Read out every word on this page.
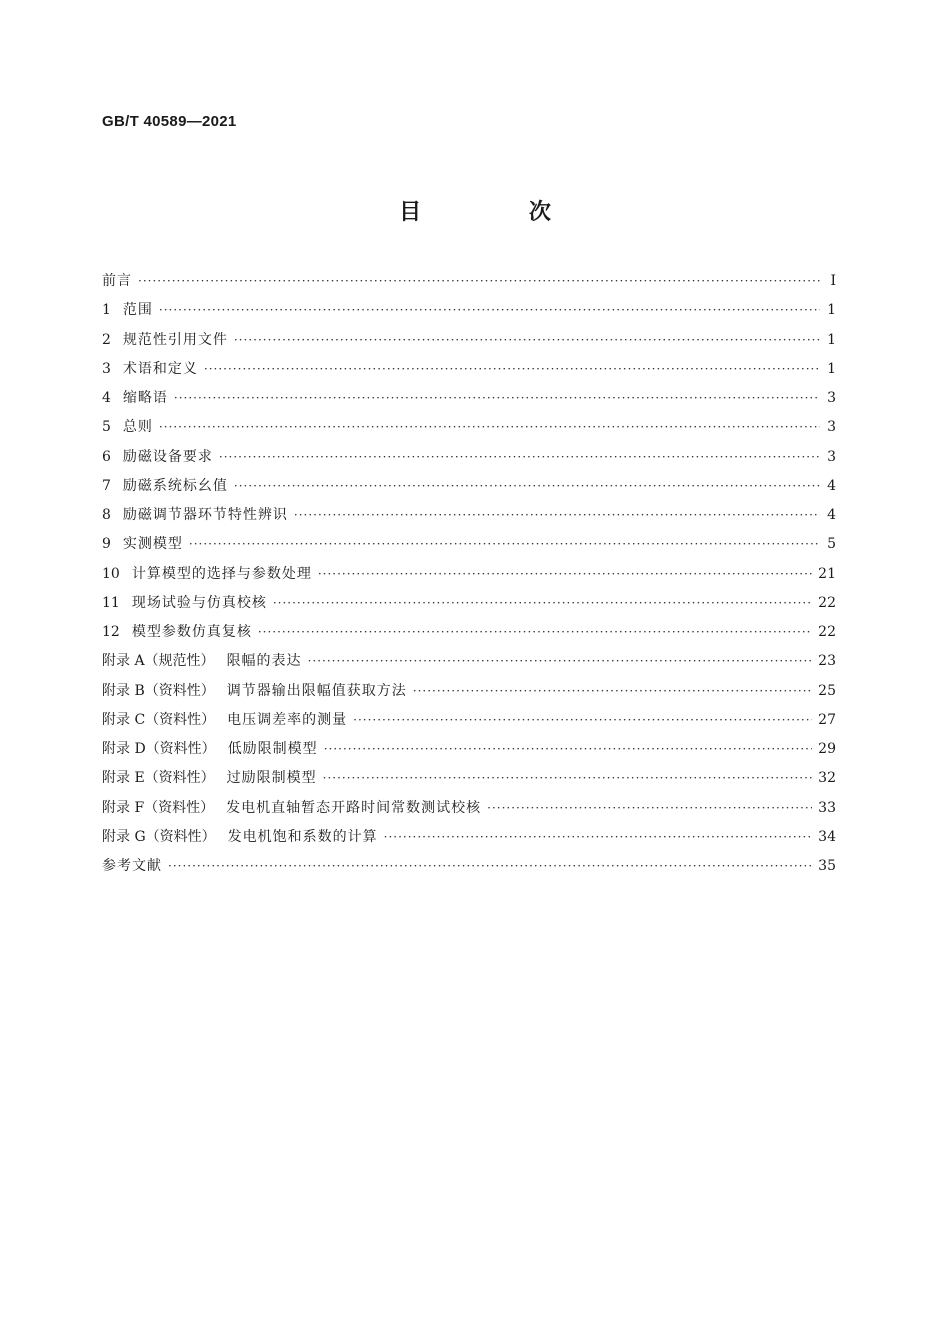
GB/T 40589—2021
目 次
前言 ·····	Ⅰ
1 范围 ·····	1
2 规范性引用文件 ·····	1
3 术语和定义 ·····	1
4 缩略语 ·····	3
5 总则 ·····	3
6 励磁设备要求 ·····	3
7 励磁系统标幺值 ·····	4
8 励磁调节器环节特性辨识 ·····	4
9 实测模型 ·····	5
10 计算模型的选择与参数处理 ·····	21
11 现场试验与仿真校核 ·····	22
12 模型参数仿真复核 ·····	22
附录 A（规范性） 限幅的表达 ·····	23
附录 B（资料性） 调节器输出限幅值获取方法 ·····	25
附录 C（资料性） 电压调差率的测量 ·····	27
附录 D（资料性） 低励限制模型 ·····	29
附录 E（资料性） 过励限制模型 ·····	32
附录 F（资料性） 发电机直轴暂态开路时间常数测试校核 ·····	33
附录 G（资料性） 发电机饱和系数的计算 ·····	34
参考文献 ·····	35
